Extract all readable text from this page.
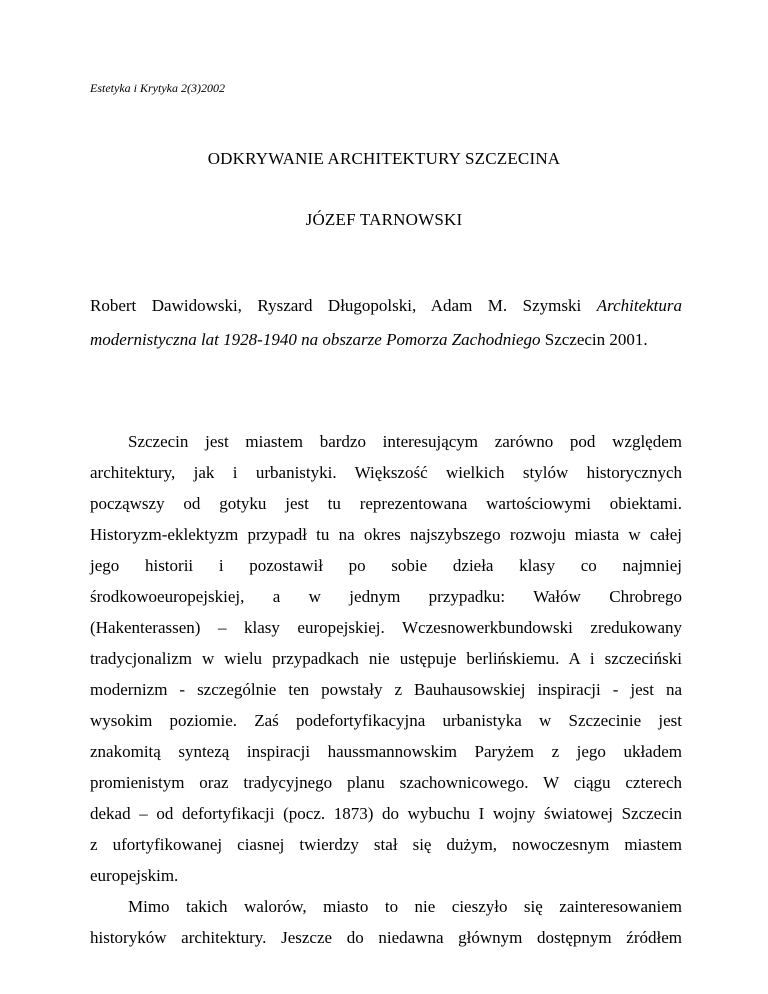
Estetyka i Krytyka 2(3)2002
ODKRYWANIE ARCHITEKTURY SZCZECINA
JÓZEF TARNOWSKI
Robert Dawidowski, Ryszard Długopolski, Adam M. Szymski Architektura modernistyczna lat 1928-1940 na obszarze Pomorza Zachodniego Szczecin 2001.
Szczecin jest miastem bardzo interesującym zarówno pod względem
architektury, jak i urbanistyki. Większość wielkich stylów historycznych
począwszy od gotyku jest tu reprezentowana wartościowymi obiektami.
Historyzm-eklektyzm przypadł tu na okres najszybszego rozwoju miasta w całej
jego historii i pozostawił po sobie dzieła klasy co najmniej
środkowoeuropejskiej, a w jednym przypadku: Wałów Chrobrego
(Hakenterassen) – klasy europejskiej. Wczesnowerkbundowski zredukowany
tradycjonalizm w wielu przypadkach nie ustępuje berlińskiemu. A i szczeciński
modernizm - szczególnie ten powstały z Bauhausowskiej inspiracji - jest na
wysokim poziomie. Zaś podefortyfikacyjna urbanistyka w Szczecinie jest
znakomitą syntezą inspiracji haussmannowskim Paryżem z jego układem
promienistym oraz tradycyjnego planu szachownicowego. W ciągu czterech
dekad – od defortyfikacji (pocz. 1873) do wybuchu I wojny światowej Szczecin
z ufortyfikowanej ciasnej twierdzy stał się dużym, nowoczesnym miastem
europejskim.
Mimo takich walorów, miasto to nie cieszyło się zainteresowaniem
historyków architektury. Jeszcze do niedawna głównym dostępnym źródłem
